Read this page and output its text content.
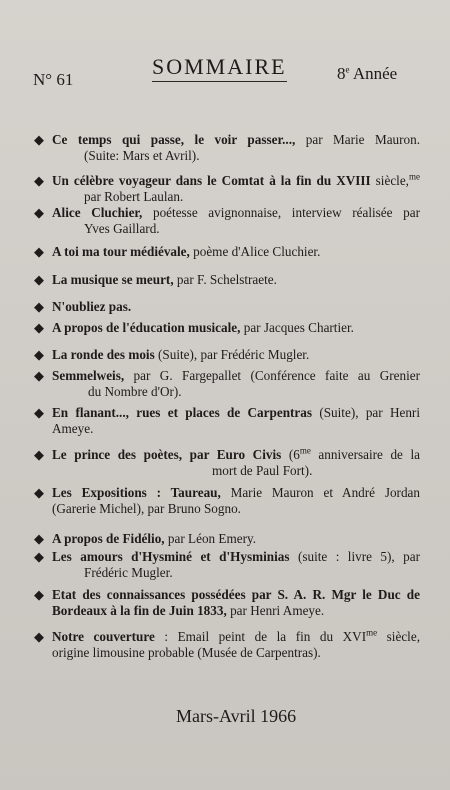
N° 61
SOMMAIRE	8e Année
◆ Ce temps qui passe, le voir passer..., par Marie Mauron.
(Suite: Mars et Avril).
◆ Un célèbre voyageur dans le Comtat à la fin du XVIII siècle,$^{me}$
par Robert Laulan.
◆ Alice Cluchier, poétesse avignonnaise, interview réalisée par
Yves Gaillard.
◆ A toi ma tour médiévale, poème d'Alice Cluchier.
◆ La musique se meurt, par F. Schelstraete.
◆ N'oubliez pas.
◆ A propos de l'éducation musicale, par Jacques Chartier.
◆ La ronde des mois (Suite), par Frédéric Mugler.
◆ Semmelweis, par G. Fargepallet (Conférence faite au Grenier
du Nombre d'Or).
◆ En flanant..., rues et places de Carpentras (Suite), par Henri
Ameye.
◆ Le prince des poètes, par Euro Civis ($6^{me}$ anniversaire de la
mort de Paul Fort).
◆ Les Expositions : Taureau, Marie Mauron et André Jordan
(Garerie Michel), par Bruno Sogno.
◆ A propos de Fidélio, par Léon Emery.
◆ Les amours d'Hysminé et d'Hysminias (suite : livre 5), par
Frédéric Mugler.
◆ Etat des connaissances possédées par S. A. R. Mgr le Duc de
Bordeaux à la fin de Juin 1833, par Henri Ameye.
◆ Notre couverture : Email peint de la fin du $XVI^{me}$ siècle,
origine limousine probable (Musée de Carpentras).
Mars-Avril 1966
